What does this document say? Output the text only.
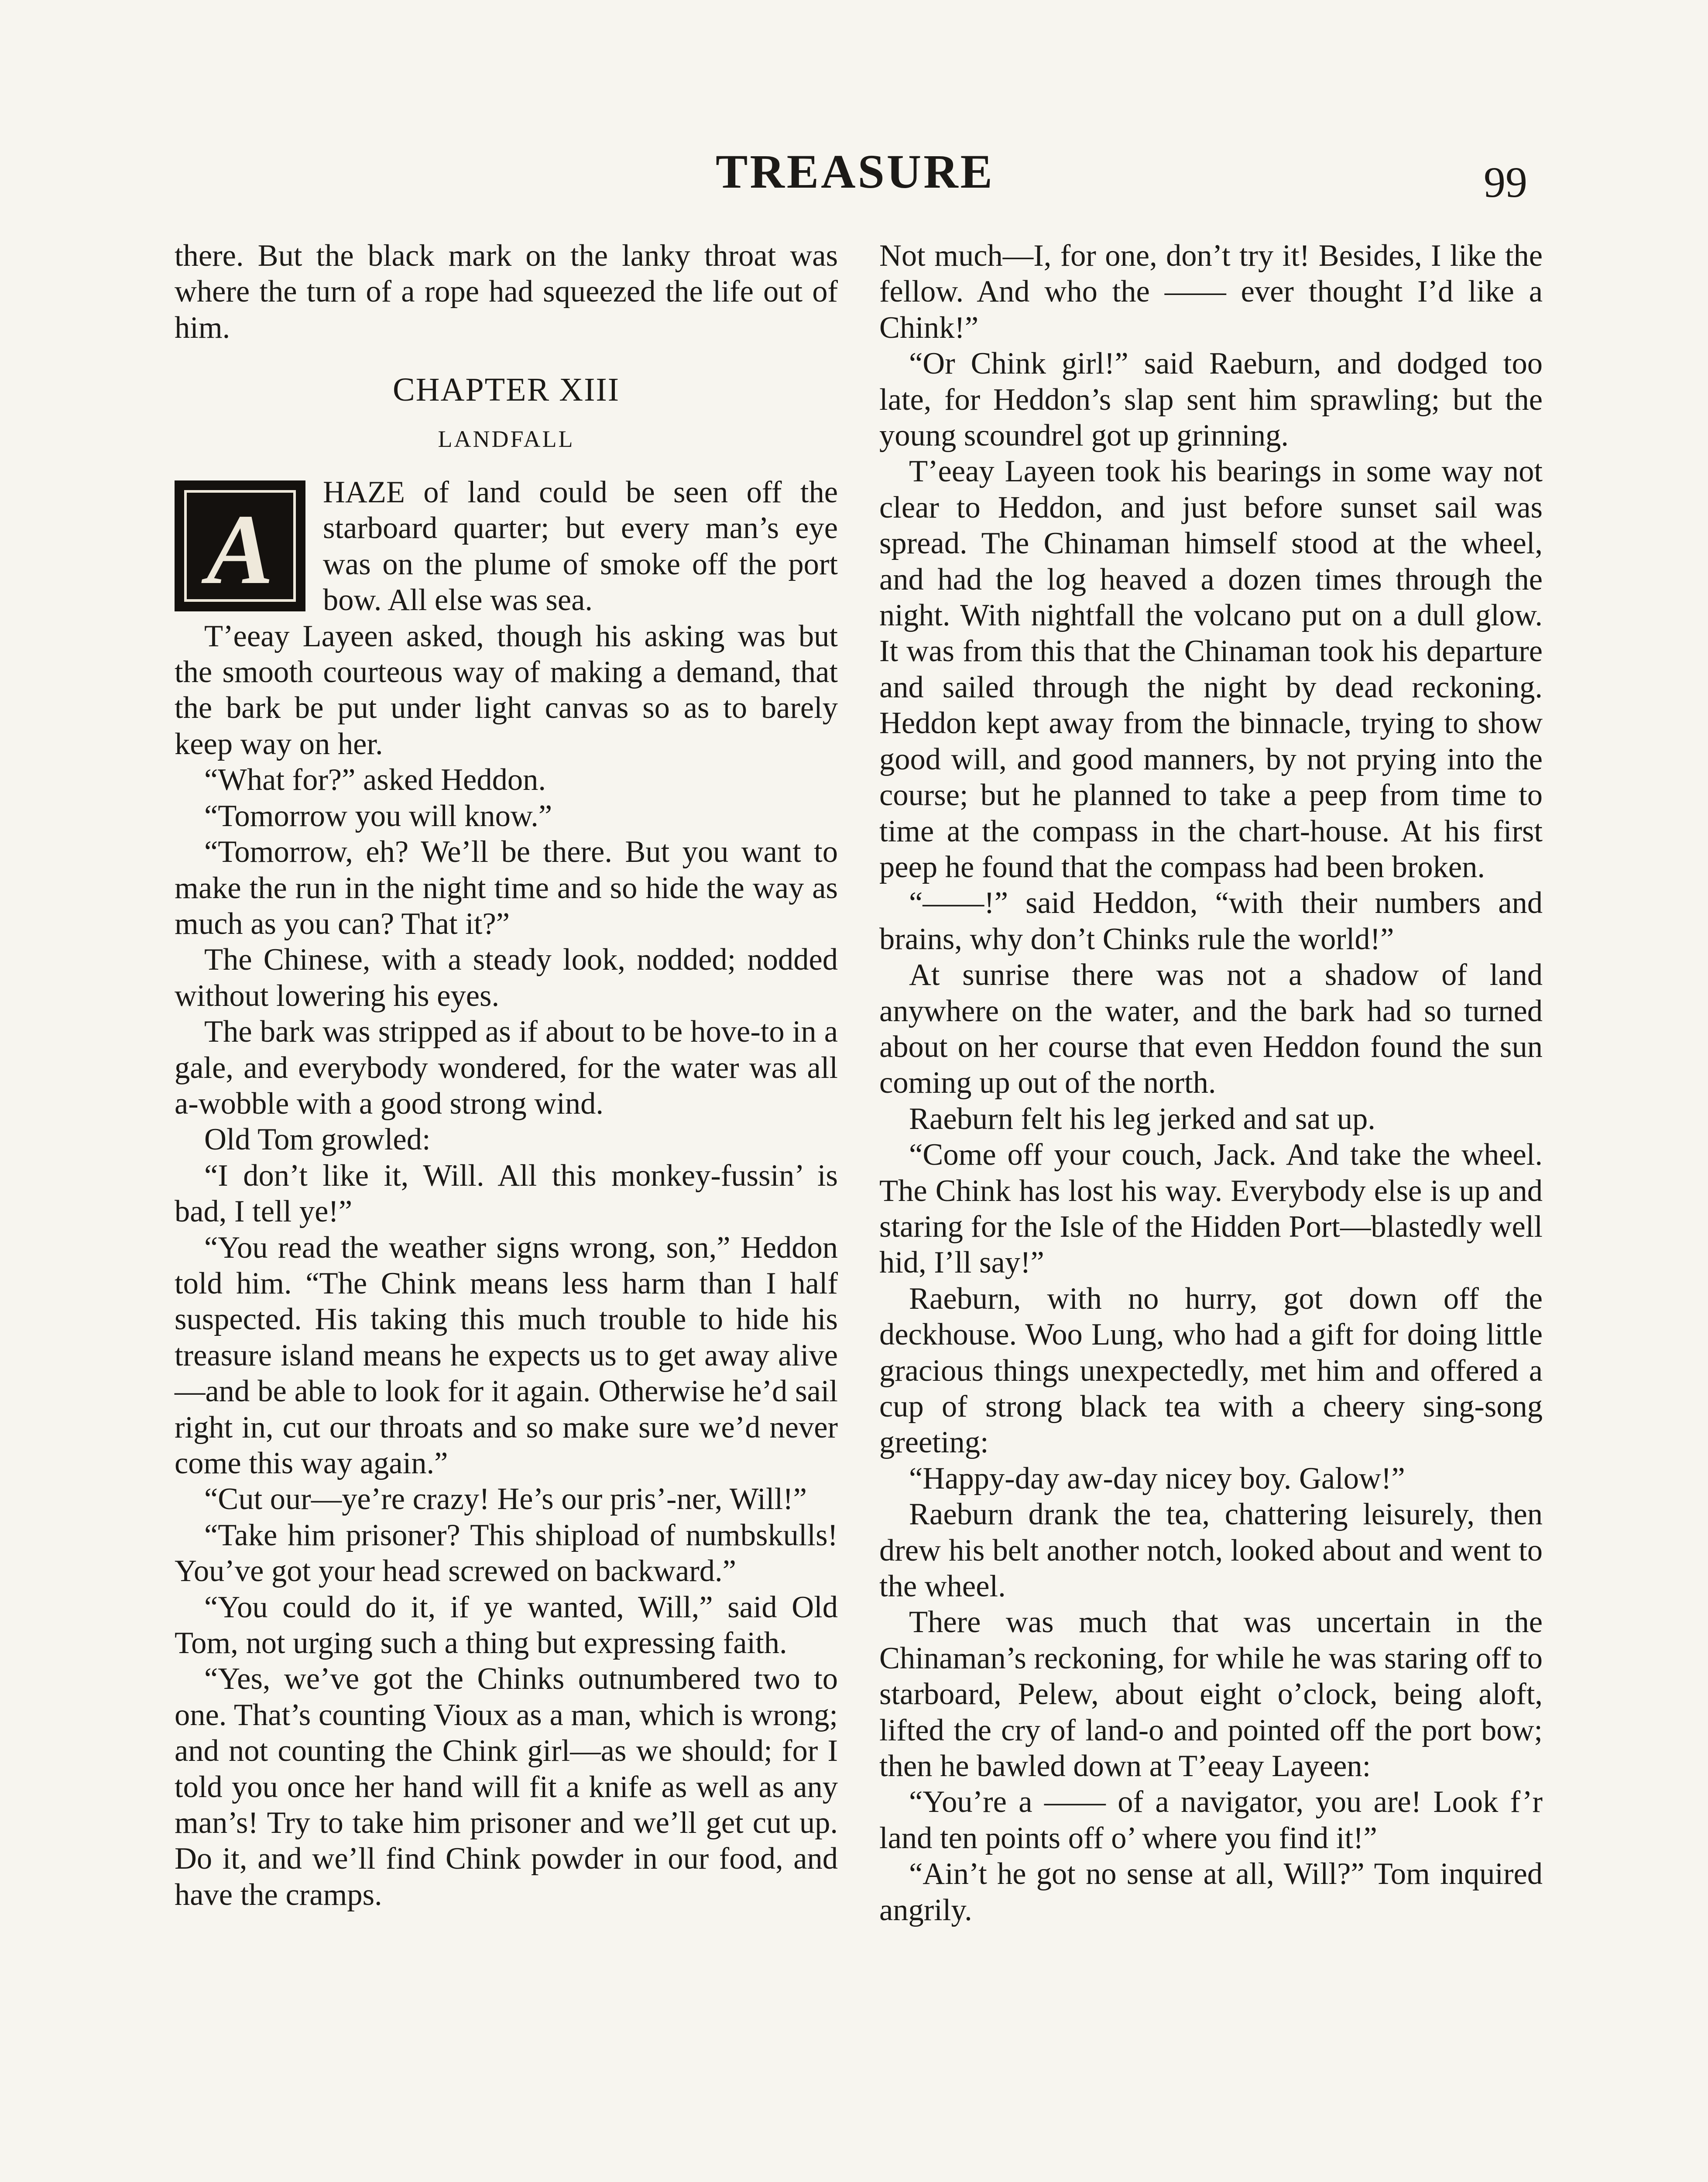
TREASURE	99

there. But the black mark on the lanky throat was where the turn of a rope had squeezed the life out of him.

CHAPTER XIII
LANDFALL

A
HAZE of land could be seen off the starboard quarter; but every man’s eye was on the plume of smoke off the port bow. All else was sea.

T’eeay Layeen asked, though his asking was but the smooth courteous way of making a demand, that the bark be put under light canvas so as to barely keep way on her.

“What for?” asked Heddon.

“Tomorrow you will know.”

“Tomorrow, eh? We’ll be there. But you want to make the run in the night time and so hide the way as much as you can? That it?”

The Chinese, with a steady look, nodded; nodded without lowering his eyes.

The bark was stripped as if about to be hove-to in a gale, and everybody wondered, for the water was all a-wobble with a good strong wind.

Old Tom growled:

“I don’t like it, Will. All this monkey-fussin’ is bad, I tell ye!”

“You read the weather signs wrong, son,” Heddon told him. “The Chink means less harm than I half suspected. His taking this much trouble to hide his treasure island means he expects us to get away alive—and be able to look for it again. Otherwise he’d sail right in, cut our throats and so make sure we’d never come this way again.”

“Cut our—ye’re crazy! He’s our pris’-ner, Will!”

“Take him prisoner? This shipload of numbskulls! You’ve got your head screwed on backward.”

“You could do it, if ye wanted, Will,” said Old Tom, not urging such a thing but expressing faith.

“Yes, we’ve got the Chinks outnumbered two to one. That’s counting Vioux as a man, which is wrong; and not counting the Chink girl—as we should; for I told you once her hand will fit a knife as well as any man’s! Try to take him prisoner and we’ll get cut up. Do it, and we’ll find Chink powder in our food, and have the cramps.

Not much—I, for one, don’t try it! Besides, I like the fellow. And who the —— ever thought I’d like a Chink!”

“Or Chink girl!” said Raeburn, and dodged too late, for Heddon’s slap sent him sprawling; but the young scoundrel got up grinning.

T’eeay Layeen took his bearings in some way not clear to Heddon, and just before sunset sail was spread. The Chinaman himself stood at the wheel, and had the log heaved a dozen times through the night. With nightfall the volcano put on a dull glow. It was from this that the Chinaman took his departure and sailed through the night by dead reckoning. Heddon kept away from the binnacle, trying to show good will, and good manners, by not prying into the course; but he planned to take a peep from time to time at the compass in the chart-house. At his first peep he found that the compass had been broken.

“——!” said Heddon, “with their numbers and brains, why don’t Chinks rule the world!”

At sunrise there was not a shadow of land anywhere on the water, and the bark had so turned about on her course that even Heddon found the sun coming up out of the north.

Raeburn felt his leg jerked and sat up.

“Come off your couch, Jack. And take the wheel. The Chink has lost his way. Everybody else is up and staring for the Isle of the Hidden Port—blastedly well hid, I’ll say!”

Raeburn, with no hurry, got down off the deckhouse. Woo Lung, who had a gift for doing little gracious things unexpectedly, met him and offered a cup of strong black tea with a cheery sing-song greeting:

“Happy-day aw-day nicey boy. Galow!”

Raeburn drank the tea, chattering leisurely, then drew his belt another notch, looked about and went to the wheel.

There was much that was uncertain in the Chinaman’s reckoning, for while he was staring off to starboard, Pelew, about eight o’clock, being aloft, lifted the cry of land-o and pointed off the port bow; then he bawled down at T’eeay Layeen:

“You’re a —— of a navigator, you are! Look f’r land ten points off o’ where you find it!”

“Ain’t he got no sense at all, Will?” Tom inquired angrily.
